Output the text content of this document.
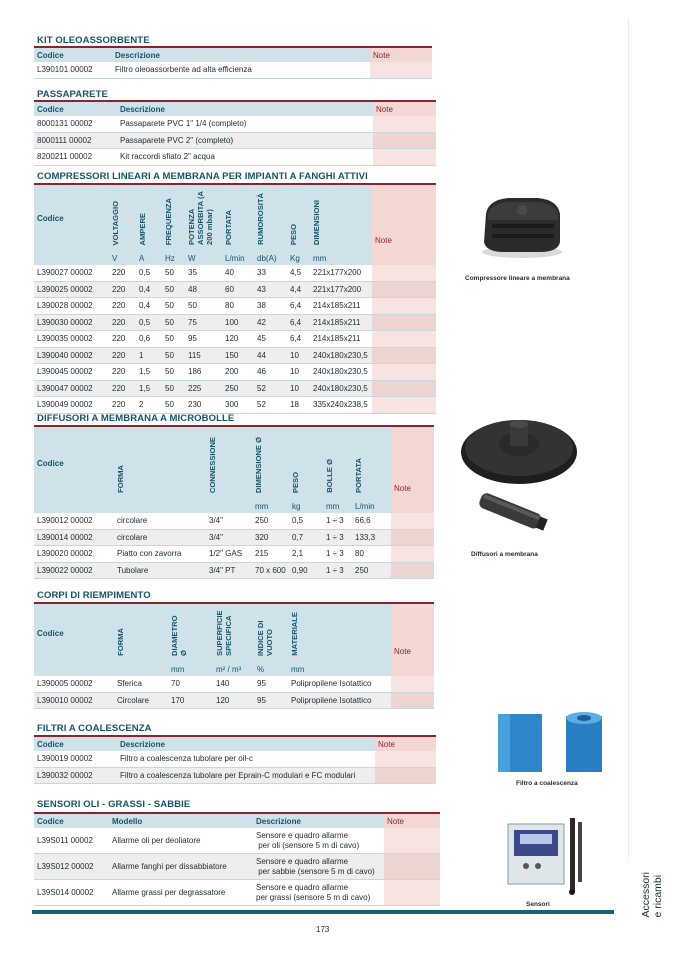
KIT OLEOASSORBENTE
Codice	Descrizione	Note
L390101 00002	Filtro oleoassorbente ad alta efficienza	
PASSAPARETE
Codice	Descrizione	Note
8000131 00002	Passaparete PVC 1" 1/4 (completo)	
8000111 00002	Passaparete PVC 2" (completo)	
8200211 00002	Kit raccordi sfiato 2" acqua	
COMPRESSORI LINEARI A MEMBRANA PER IMPIANTI A FANGHI ATTIVI
Codice	VOLTAGGIO	AMPERE	FREQUENZA	POTENZA ASSORBITA (A 200 mbar)	PORTATA	RUMOROSITÀ	PESO	DIMENSIONI	Note
	V	A	Hz	W	L/min	db(A)	Kg	mm	
L390027 00002	220	0,5	50	35	40	33	4,5	221x177x200	
L390025 00002	220	0,4	50	48	60	43	4,4	221x177x200	
L390028 00002	220	0,4	50	50	80	38	6,4	214x185x211	
L390030 00002	220	0,5	50	75	100	42	6,4	214x185x211	
L390035 00002	220	0,6	50	95	120	45	6,4	214x185x211	
L390040 00002	220	1	50	115	150	44	10	240x180x230,5	
L390045 00002	220	1,5	50	186	200	46	10	240x180x230,5	
L390047 00002	220	1,5	50	225	250	52	10	240x180x230,5	
L390049 00002	220	2	50	230	300	52	18	335x240x238,5	
Compressore lineare a membrana
DIFFUSORI A MEMBRANA A MICROBOLLE
Codice	FORMA	CONNESSIONE	DIMENSIONE Ø	PESO	BOLLE Ø	PORTATA	Note
			mm	kg	mm	L/min	
L390012 00002	circolare	3/4"	250	0,5	1 ÷ 3	66,6	
L390014 00002	circolare	3/4"	320	0,7	1 ÷ 3	133,3	
L390020 00002	Piatto con zavorra	1/2" GAS	215	2,1	1 ÷ 3	80	
L390022 00002	Tubolare	3/4" PT	70 x 600	0,90	1 ÷ 3	250	
Diffusori a membrana
CORPI DI RIEMPIMENTO
Codice	FORMA	DIAMETRO Ø	SUPERFICIE SPECIFICA	INDICE DI VUOTO	MATERIALE	Note
		mm	m² / m³	%	mm	
L390005 00002	Sferica	70	140	95	Polipropilene Isotattico	
L390010 00002	Circolare	170	120	95	Polipropilene Isotattico	
FILTRI A COALESCENZA
Codice	Descrizione	Note
L390019 00002	Filtro a coalescenza tubolare per oil-c	
L390032 00002	Filtro a coalescenza tubolare per Eprain-C modulari e FC modulari	
Filtro a coalescenza
SENSORI OLI - GRASSI - SABBIE
Codice	Modello	Descrizione	Note
L39S011 00002	Allarme oli per deoliatore	Sensore e quadro allarme
per oli (sensore 5 m di cavo)	

L39S012 00002	Allarme fanghi per dissabbiatore	Sensore e quadro allarme
per sabbie (sensore 5 m di cavo)	

L39S014 00002	Allarme grassi per degrassatore	Sensore e quadro allarme
per grassi (sensore 5 m di cavo)	

Sensori
173
Accessori
e ricambi
